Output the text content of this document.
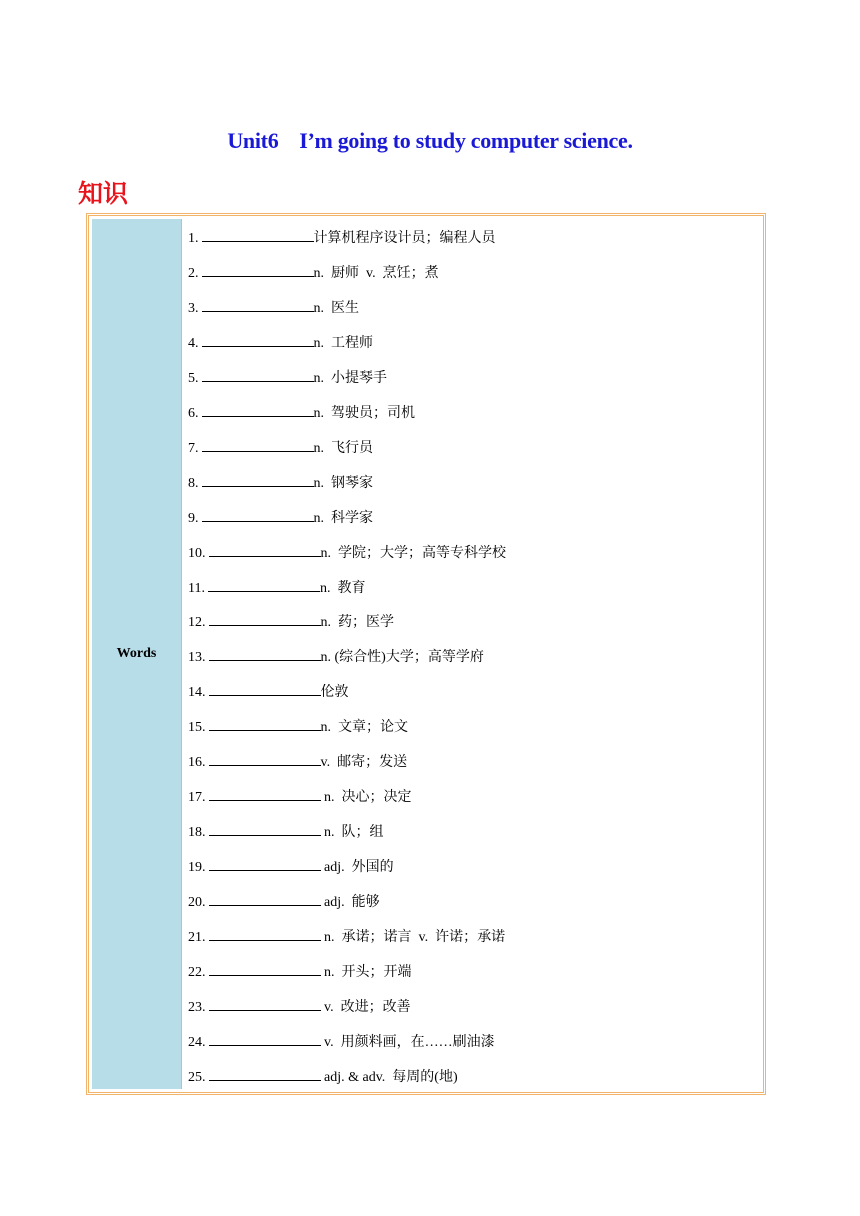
Unit6    I’m going to study computer science.
知识
Words
1.	计算机程序设计员；编程人员
2.	n.  厨师  v.  烹饪；煮
3.	n.  医生
4.	n.  工程师
5.	n.  小提琴手
6.	n.  驾驶员；司机
7.	n.  飞行员
8.	n.  钢琴家
9.	n.  科学家
10.	n.  学院；大学；高等专科学校
11.	n.  教育
12.	n.  药；医学
13.	n. (综合性)大学；高等学府
14.	伦敦
15.	n.  文章；论文
16.	v.  邮寄；发送
17.	n.  决心；决定
18.	n.  队；组
19.	adj.  外国的
20.	adj.  能够
21.	n.  承诺；诺言  v.  许诺；承诺
22.	n.  开头；开端
23.	v.  改进；改善
24.	v.  用颜料画，在……刷油漆
25.	adj. & adv.  每周的(地)
